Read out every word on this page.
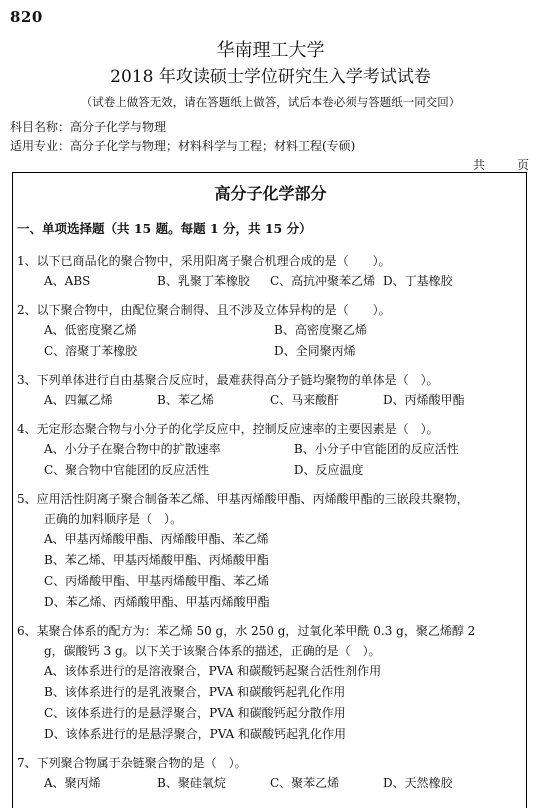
820
华南理工大学
2018 年攻读硕士学位研究生入学考试试卷
（试卷上做答无效，请在答题纸上做答，试后本卷必须与答题纸一同交回）
科目名称：高分子化学与物理
适用专业：高分子化学与物理；材料科学与工程；材料工程(专硕)
共	页
高分子化学部分
一、单项选择题（共 15 题。每题 1 分，共 15 分）
1、以下已商品化的聚合物中，采用阳离子聚合机理合成的是（　　）。
A、ABS	B、乳聚丁苯橡胶	C、高抗冲聚苯乙烯 D、丁基橡胶
2、以下聚合物中，由配位聚合制得、且不涉及立体异构的是（　　）。
A、低密度聚乙烯	B、高密度聚乙烯
C、溶聚丁苯橡胶	D、全同聚丙烯
3、下列单体进行自由基聚合反应时，最难获得高分子链均聚物的单体是（　）。
A、四氟乙烯	B、苯乙烯	C、马来酸酐	D、丙烯酸甲酯
4、无定形态聚合物与小分子的化学反应中，控制反应速率的主要因素是（　）。
A、小分子在聚合物中的扩散速率	B、小分子中官能团的反应活性
C、聚合物中官能团的反应活性	D、反应温度
5、应用活性阴离子聚合制备苯乙烯、甲基丙烯酸甲酯、丙烯酸甲酯的三嵌段共聚物，
正确的加料顺序是（　）。
A、甲基丙烯酸甲酯、丙烯酸甲酯、苯乙烯
B、苯乙烯、甲基丙烯酸甲酯、丙烯酸甲酯
C、丙烯酸甲酯、甲基丙烯酸甲酯、苯乙烯
D、苯乙烯、丙烯酸甲酯、甲基丙烯酸甲酯
6、某聚合体系的配方为：苯乙烯 50 g，水 250 g，过氧化苯甲酰 0.3 g，聚乙烯醇 2
g，碳酸钙 3 g。以下关于该聚合体系的描述，正确的是（　）。
A、该体系进行的是溶液聚合，PVA 和碳酸钙起聚合活性剂作用
B、该体系进行的是乳液聚合，PVA 和碳酸钙起乳化作用
C、该体系进行的是悬浮聚合，PVA 和碳酸钙起分散作用
D、该体系进行的是悬浮聚合，PVA 和碳酸钙起乳化作用
7、下列聚合物属于杂链聚合物的是（　）。
A、聚丙烯	B、聚硅氧烷	C、聚苯乙烯	D、天然橡胶
